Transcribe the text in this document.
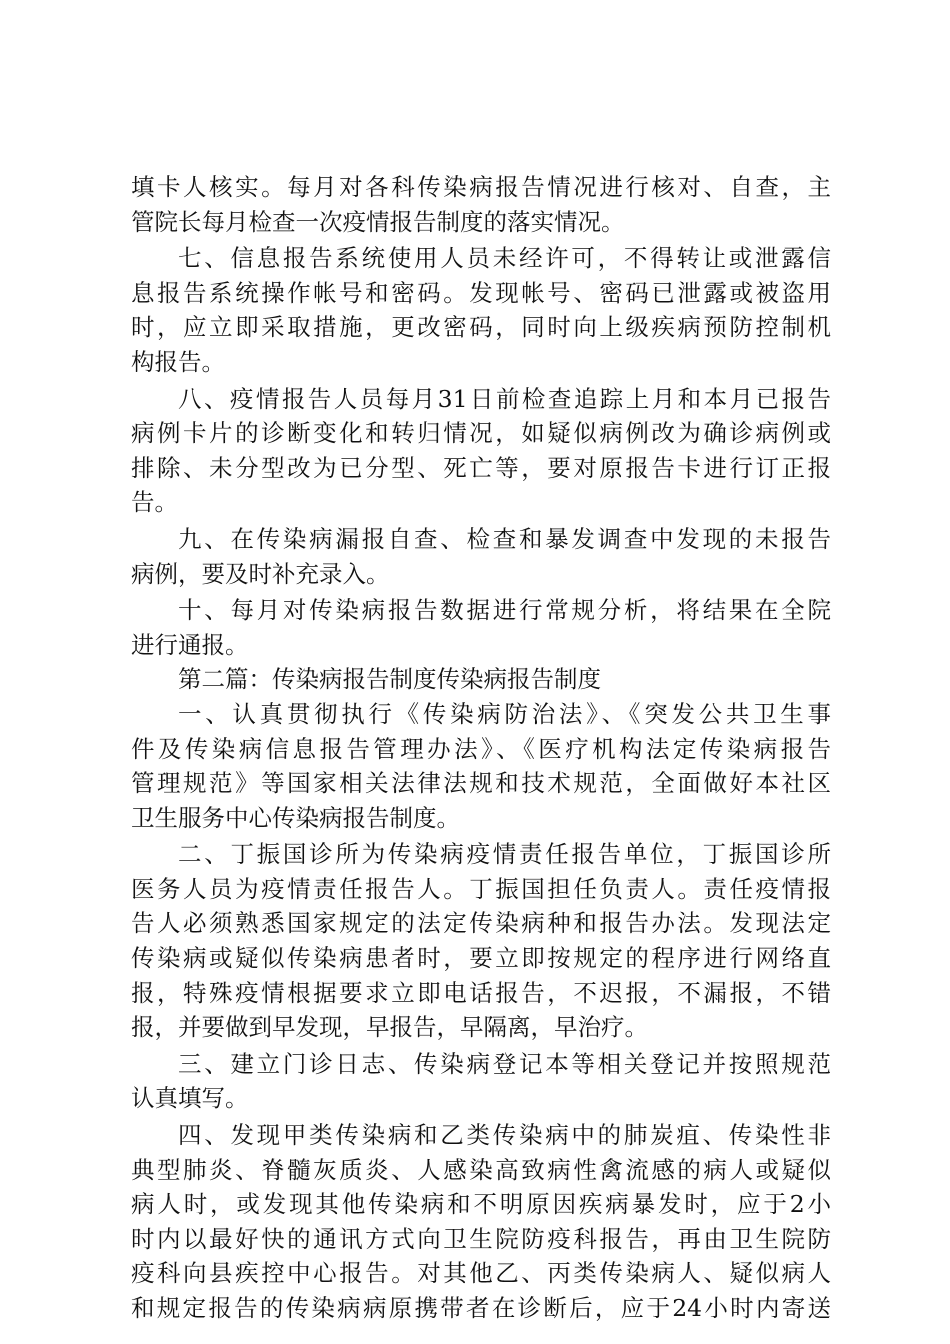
填卡人核实。每月对各科传染病报告情况进行核对、自查，主
管院长每月检查一次疫情报告制度的落实情况。
七、信息报告系统使用人员未经许可，不得转让或泄露信
息报告系统操作帐号和密码。发现帐号、密码已泄露或被盗用
时，应立即采取措施，更改密码，同时向上级疾病预防控制机
构报告。
八、疫情报告人员每月31日前检查追踪上月和本月已报告
病例卡片的诊断变化和转归情况，如疑似病例改为确诊病例或
排除、未分型改为已分型、死亡等，要对原报告卡进行订正报
告。
九、在传染病漏报自查、检查和暴发调查中发现的未报告
病例，要及时补充录入。
十、每月对传染病报告数据进行常规分析，将结果在全院
进行通报。
第二篇：传染病报告制度传染病报告制度
一、认真贯彻执行《传染病防治法》、《突发公共卫生事
件及传染病信息报告管理办法》、《医疗机构法定传染病报告
管理规范》等国家相关法律法规和技术规范，全面做好本社区
卫生服务中心传染病报告制度。
二、丁振国诊所为传染病疫情责任报告单位，丁振国诊所
医务人员为疫情责任报告人。丁振国担任负责人。责任疫情报
告人必须熟悉国家规定的法定传染病种和报告办法。发现法定
传染病或疑似传染病患者时，要立即按规定的程序进行网络直
报，特殊疫情根据要求立即电话报告，不迟报，不漏报，不错
报，并要做到早发现，早报告，早隔离，早治疗。
三、建立门诊日志、传染病登记本等相关登记并按照规范
认真填写。
四、发现甲类传染病和乙类传染病中的肺炭疽、传染性非
典型肺炎、脊髓灰质炎、人感染高致病性禽流感的病人或疑似
病人时，或发现其他传染病和不明原因疾病暴发时，应于2小
时内以最好快的通讯方式向卫生院防疫科报告，再由卫生院防
疫科向县疾控中心报告。对其他乙、丙类传染病人、疑似病人
和规定报告的传染病病原携带者在诊断后，应于24小时内寄送
